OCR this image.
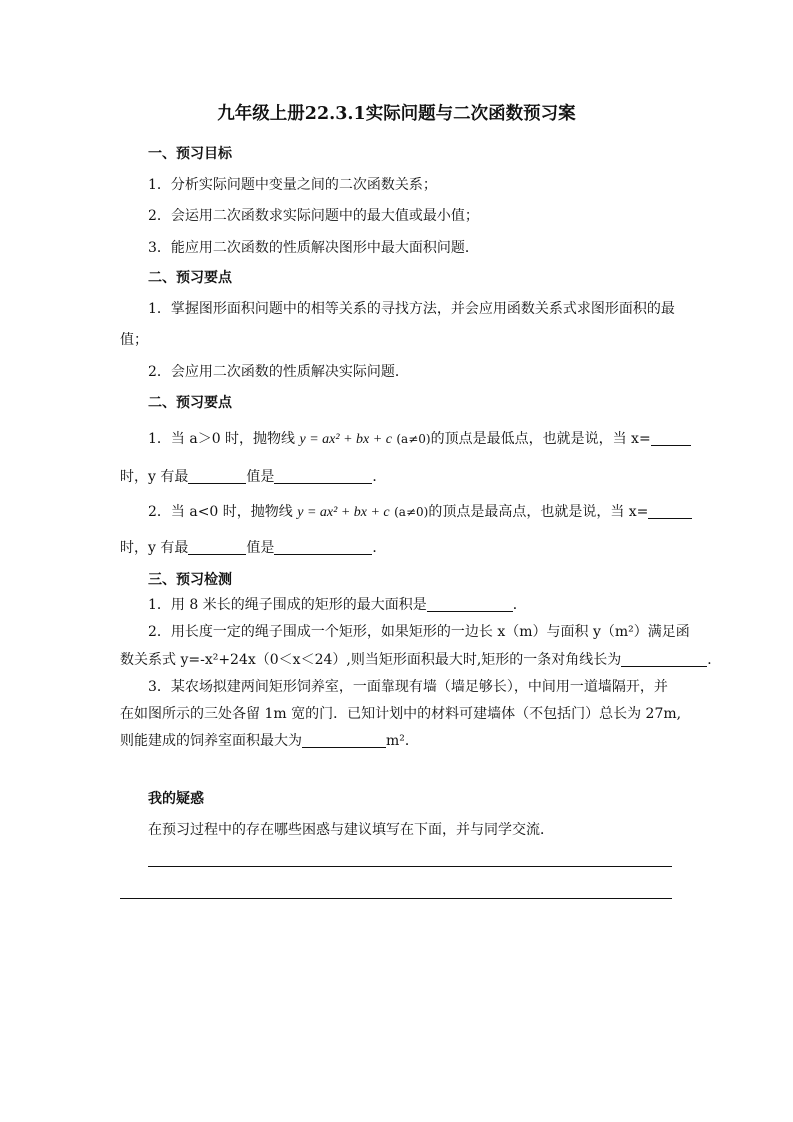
九年级上册22.3.1实际问题与二次函数预习案
一、预习目标
1．分析实际问题中变量之间的二次函数关系；
2．会运用二次函数求实际问题中的最大值或最小值；
3．能应用二次函数的性质解决图形中最大面积问题．
二、预习要点
1．掌握图形面积问题中的相等关系的寻找方法，并会应用函数关系式求图形面积的最
值；
2．会应用二次函数的性质解决实际问题．
二、预习要点
1．当 a＞0 时，抛物线 y = ax² + bx + c (a≠0)的顶点是最低点，也就是说，当 x=
时，y 有最	值是	．
2．当 a<0 时，抛物线 y = ax² + bx + c (a≠0)的顶点是最高点，也就是说，当 x=
时，y 有最	值是	．
三、预习检测
1．用 8 米长的绳子围成的矩形的最大面积是	．
2．用长度一定的绳子围成一个矩形，如果矩形的一边长 x（m）与面积 y（m²）满足函
数关系式 y=-x²+24x（0＜x＜24）,则当矩形面积最大时,矩形的一条对角线长为	．
3．某农场拟建两间矩形饲养室，一面靠现有墙（墙足够长），中间用一道墙隔开，并
在如图所示的三处各留 1m 宽的门．已知计划中的材料可建墙体（不包括门）总长为 27m,
则能建成的饲养室面积最大为	m²．
我的疑惑
在预习过程中的存在哪些困惑与建议填写在下面，并与同学交流．
